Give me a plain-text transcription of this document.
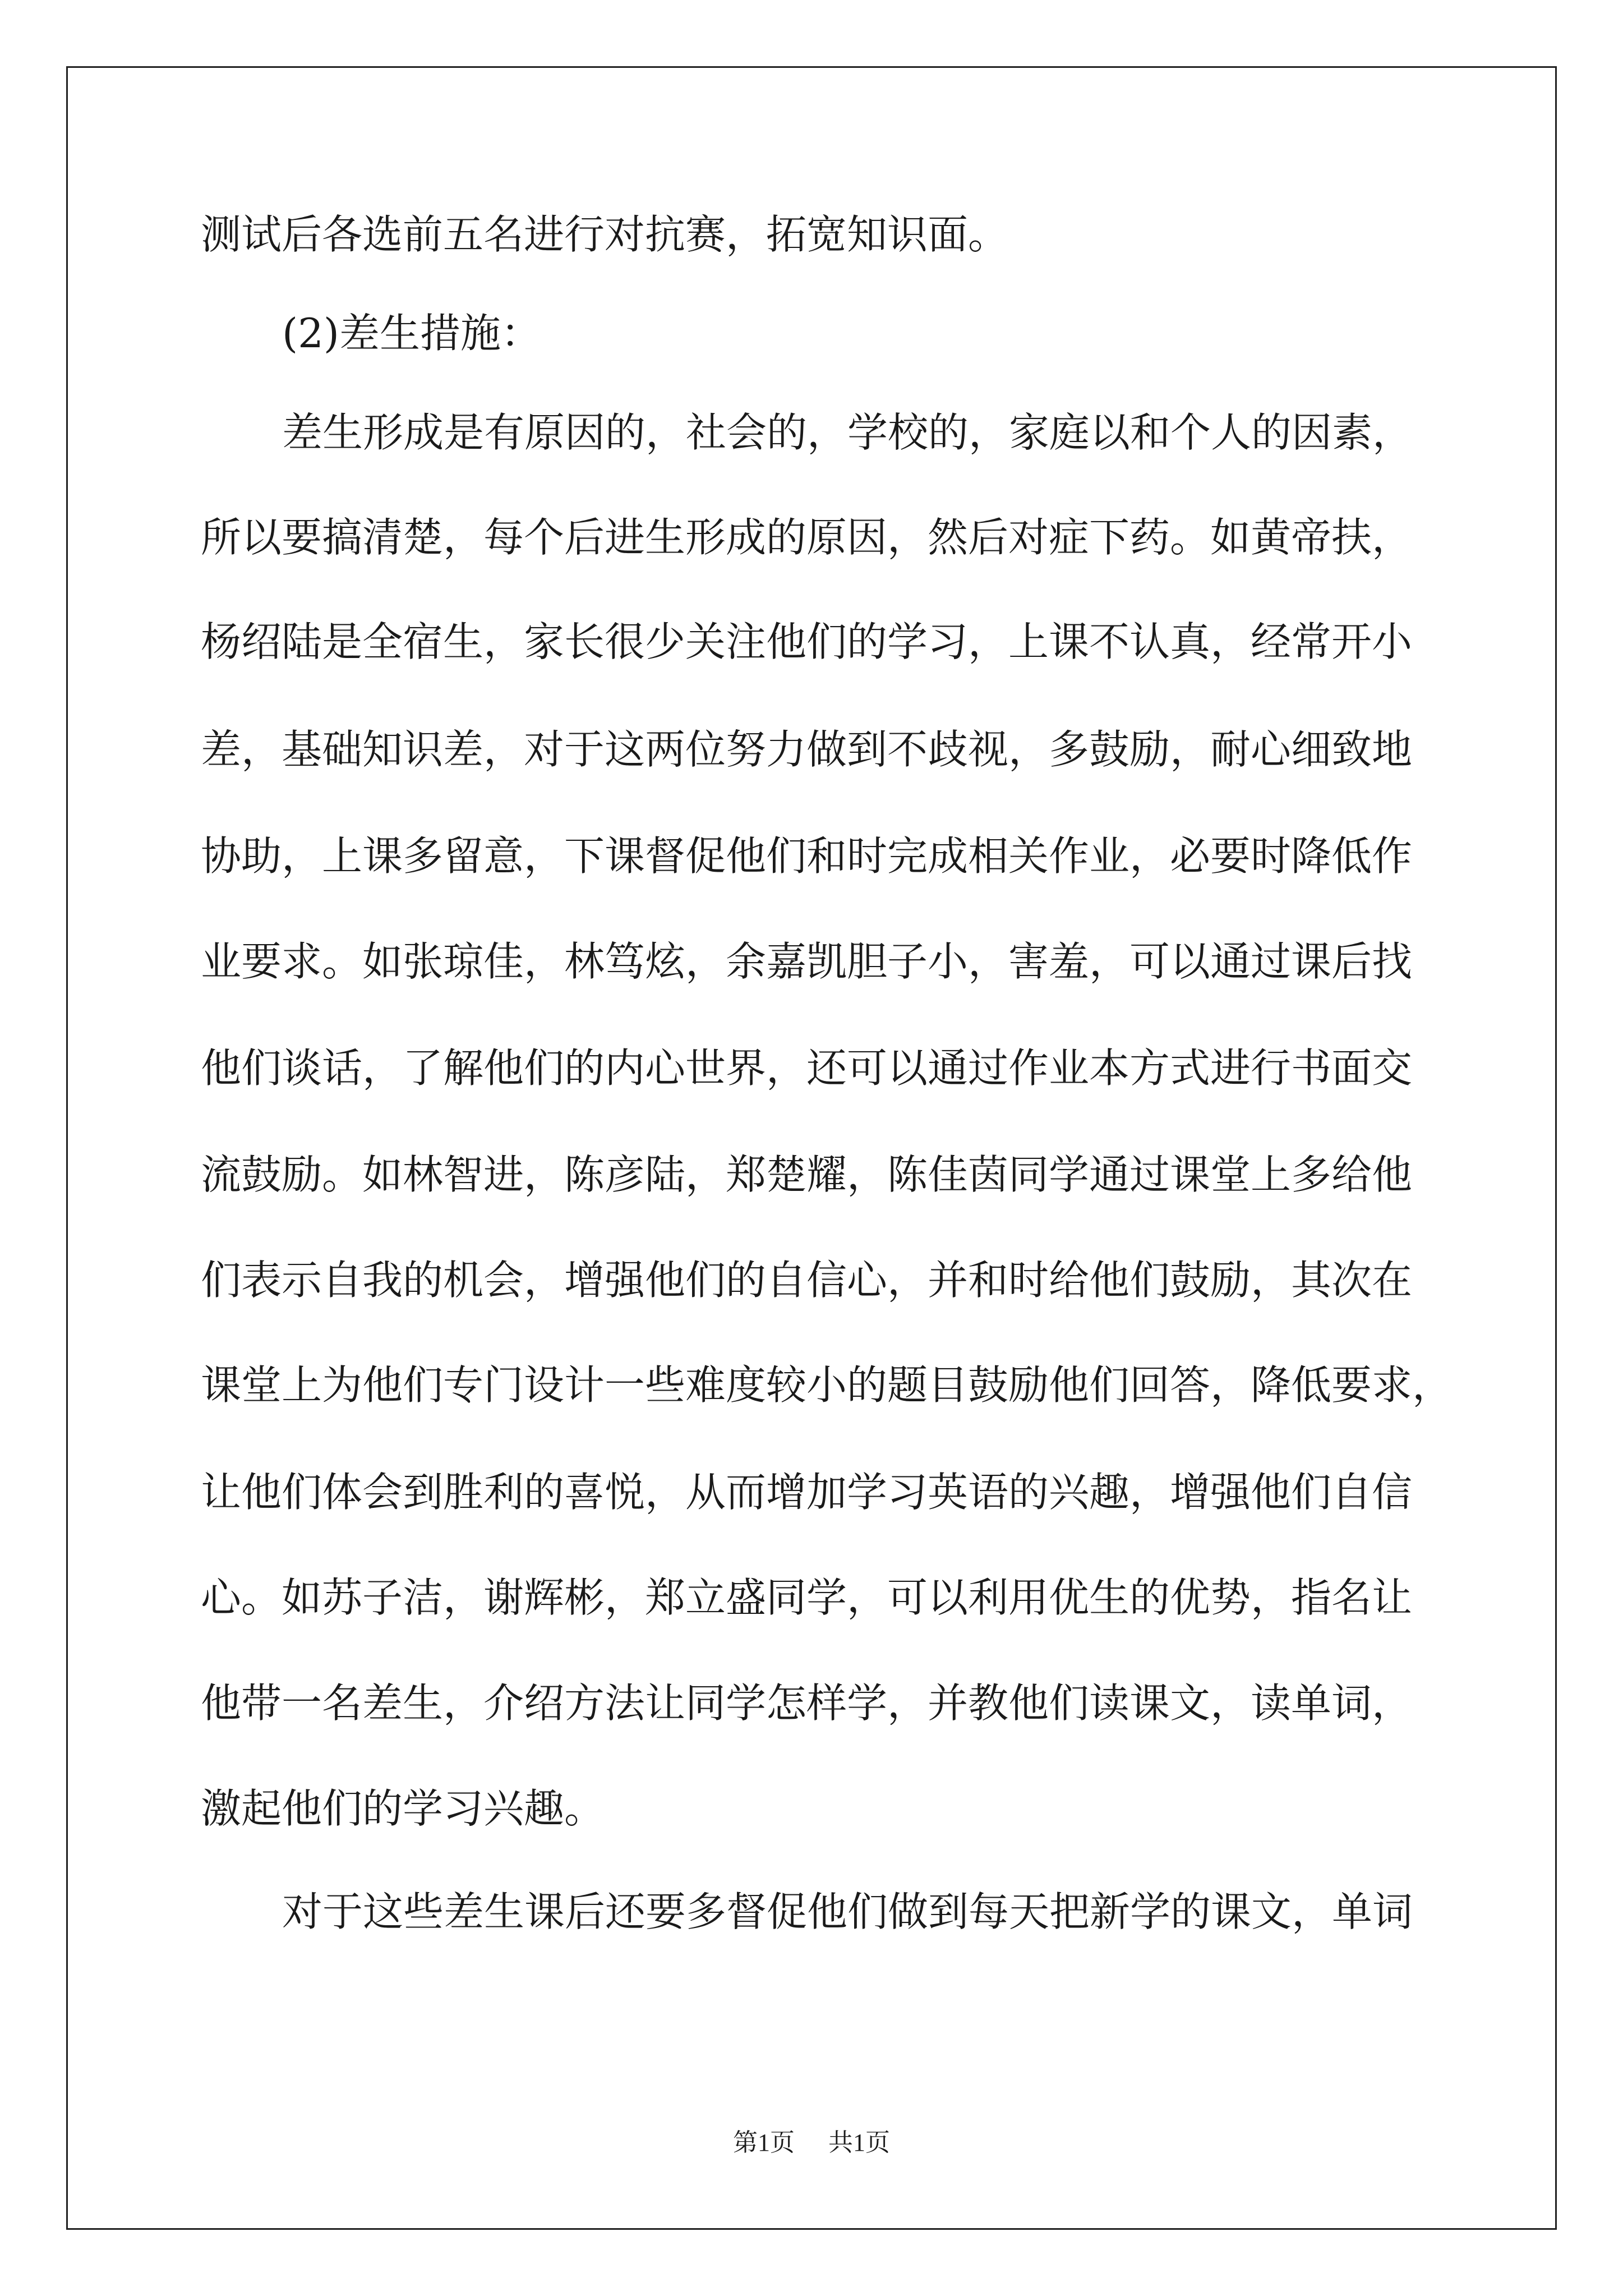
测试后各选前五名进行对抗赛，拓宽知识面。
(2)差生措施：
差生形成是有原因的，社会的，学校的，家庭以和个人的因素，
所以要搞清楚，每个后进生形成的原因，然后对症下药。如黄帝扶，
杨绍陆是全宿生，家长很少关注他们的学习，上课不认真，经常开小
差，基础知识差，对于这两位努力做到不歧视，多鼓励，耐心细致地
协助，上课多留意，下课督促他们和时完成相关作业，必要时降低作
业要求。如张琼佳，林笃炫，余嘉凯胆子小，害羞，可以通过课后找
他们谈话，了解他们的内心世界，还可以通过作业本方式进行书面交
流鼓励。如林智进，陈彦陆，郑楚耀，陈佳茵同学通过课堂上多给他
们表示自我的机会，增强他们的自信心，并和时给他们鼓励，其次在
课堂上为他们专门设计一些难度较小的题目鼓励他们回答，降低要求，
让他们体会到胜利的喜悦，从而增加学习英语的兴趣，增强他们自信
心。如苏子洁，谢辉彬，郑立盛同学，可以利用优生的优势，指名让
他带一名差生，介绍方法让同学怎样学，并教他们读课文，读单词，
激起他们的学习兴趣。
对于这些差生课后还要多督促他们做到每天把新学的课文，单词
第1页 共1页
